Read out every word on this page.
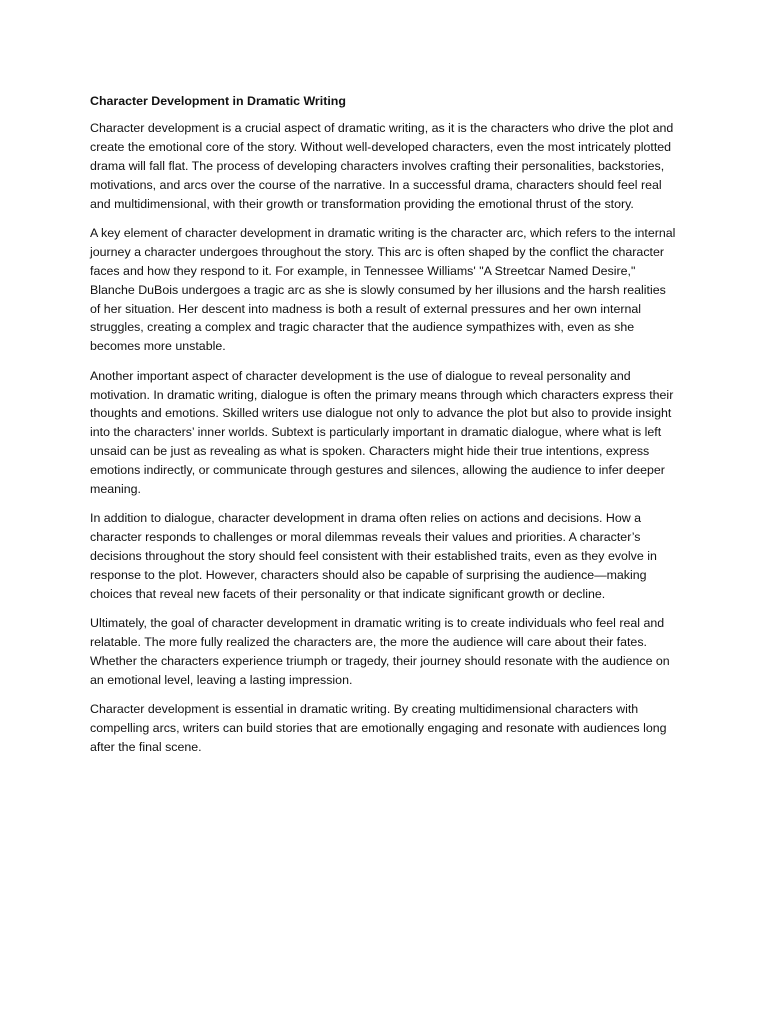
Character Development in Dramatic Writing

Character development is a crucial aspect of dramatic writing, as it is the characters who drive the plot and create the emotional core of the story. Without well-developed characters, even the most intricately plotted drama will fall flat. The process of developing characters involves crafting their personalities, backstories, motivations, and arcs over the course of the narrative. In a successful drama, characters should feel real and multidimensional, with their growth or transformation providing the emotional thrust of the story.

A key element of character development in dramatic writing is the character arc, which refers to the internal journey a character undergoes throughout the story. This arc is often shaped by the conflict the character faces and how they respond to it. For example, in Tennessee Williams' "A Streetcar Named Desire," Blanche DuBois undergoes a tragic arc as she is slowly consumed by her illusions and the harsh realities of her situation. Her descent into madness is both a result of external pressures and her own internal struggles, creating a complex and tragic character that the audience sympathizes with, even as she becomes more unstable.

Another important aspect of character development is the use of dialogue to reveal personality and motivation. In dramatic writing, dialogue is often the primary means through which characters express their thoughts and emotions. Skilled writers use dialogue not only to advance the plot but also to provide insight into the characters’ inner worlds. Subtext is particularly important in dramatic dialogue, where what is left unsaid can be just as revealing as what is spoken. Characters might hide their true intentions, express emotions indirectly, or communicate through gestures and silences, allowing the audience to infer deeper meaning.

In addition to dialogue, character development in drama often relies on actions and decisions. How a character responds to challenges or moral dilemmas reveals their values and priorities. A character’s decisions throughout the story should feel consistent with their established traits, even as they evolve in response to the plot. However, characters should also be capable of surprising the audience—making choices that reveal new facets of their personality or that indicate significant growth or decline.

Ultimately, the goal of character development in dramatic writing is to create individuals who feel real and relatable. The more fully realized the characters are, the more the audience will care about their fates. Whether the characters experience triumph or tragedy, their journey should resonate with the audience on an emotional level, leaving a lasting impression.

Character development is essential in dramatic writing. By creating multidimensional characters with compelling arcs, writers can build stories that are emotionally engaging and resonate with audiences long after the final scene.
